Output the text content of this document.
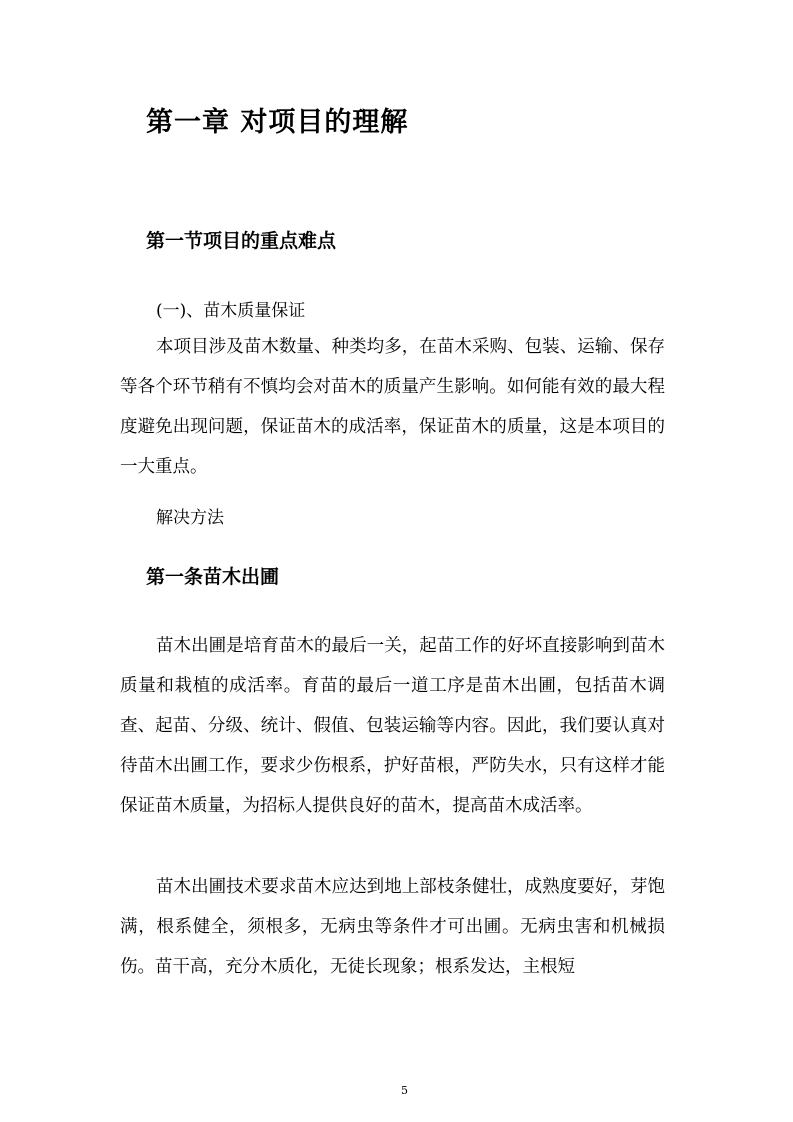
第一章 对项目的理解
第一节项目的重点难点
(一)、苗木质量保证

本项目涉及苗木数量、种类均多，在苗木采购、包装、运输、保存等各个环节稍有不慎均会对苗木的质量产生影响。如何能有效的最大程度避免出现问题，保证苗木的成活率，保证苗木的质量，这是本项目的一大重点。

解决方法
第一条苗木出圃

苗木出圃是培育苗木的最后一关，起苗工作的好坏直接影响到苗木质量和栽植的成活率。育苗的最后一道工序是苗木出圃，包括苗木调查、起苗、分级、统计、假值、包装运输等内容。因此，我们要认真对待苗木出圃工作，要求少伤根系，护好苗根，严防失水，只有这样才能保证苗木质量，为招标人提供良好的苗木，提高苗木成活率。

苗木出圃技术要求苗木应达到地上部枝条健壮，成熟度要好，芽饱满，根系健全，须根多，无病虫等条件才可出圃。无病虫害和机械损伤。苗干高，充分木质化，无徒长现象；根系发达，主根短

5
